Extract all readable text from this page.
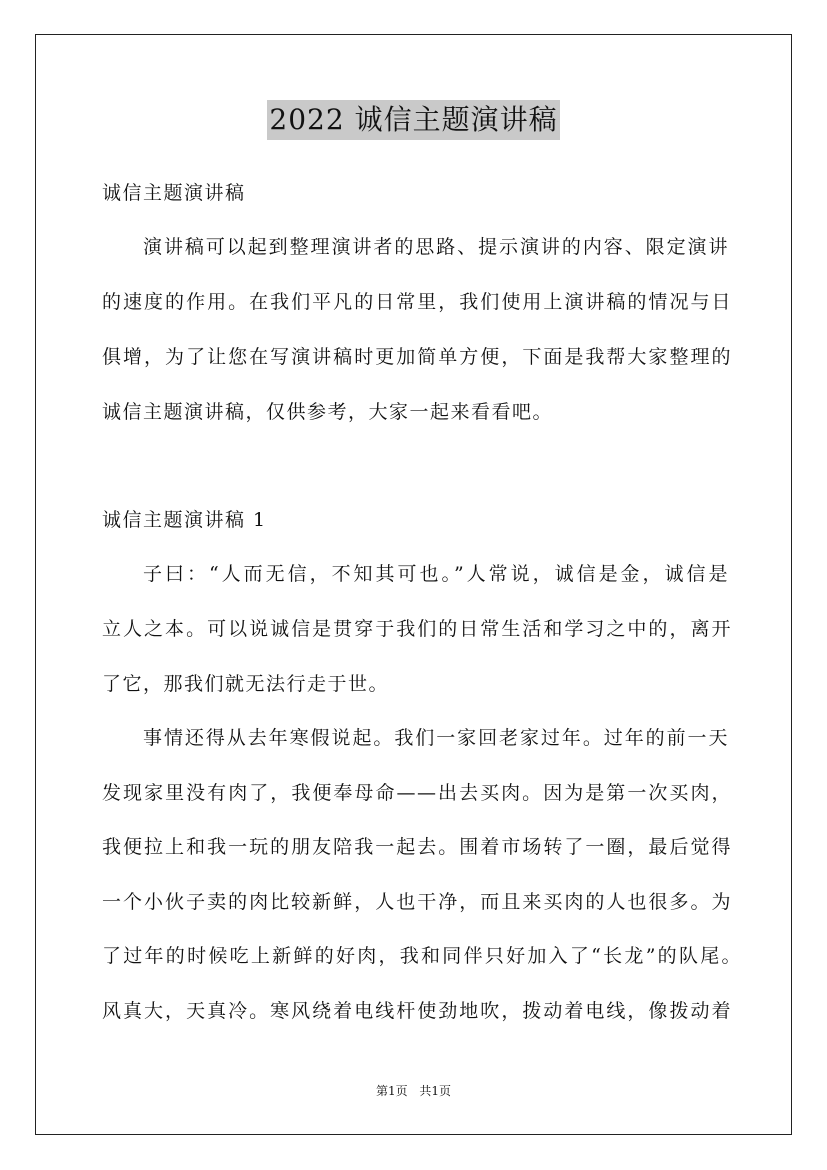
2022 诚信主题演讲稿
诚信主题演讲稿
演讲稿可以起到整理演讲者的思路、提示演讲的内容、限定演讲
的速度的作用。在我们平凡的日常里，我们使用上演讲稿的情况与日
俱增，为了让您在写演讲稿时更加简单方便，下面是我帮大家整理的
诚信主题演讲稿，仅供参考，大家一起来看看吧。
诚信主题演讲稿 1
子曰：“人而无信，不知其可也。”人常说，诚信是金，诚信是
立人之本。可以说诚信是贯穿于我们的日常生活和学习之中的，离开
了它，那我们就无法行走于世。
事情还得从去年寒假说起。我们一家回老家过年。过年的前一天
发现家里没有肉了，我便奉母命——出去买肉。因为是第一次买肉，
我便拉上和我一玩的朋友陪我一起去。围着市场转了一圈，最后觉得
一个小伙子卖的肉比较新鲜，人也干净，而且来买肉的人也很多。为
了过年的时候吃上新鲜的好肉，我和同伴只好加入了“长龙”的队尾。
风真大，天真冷。寒风绕着电线杆使劲地吹，拨动着电线，像拨动着
第1页 共1页
